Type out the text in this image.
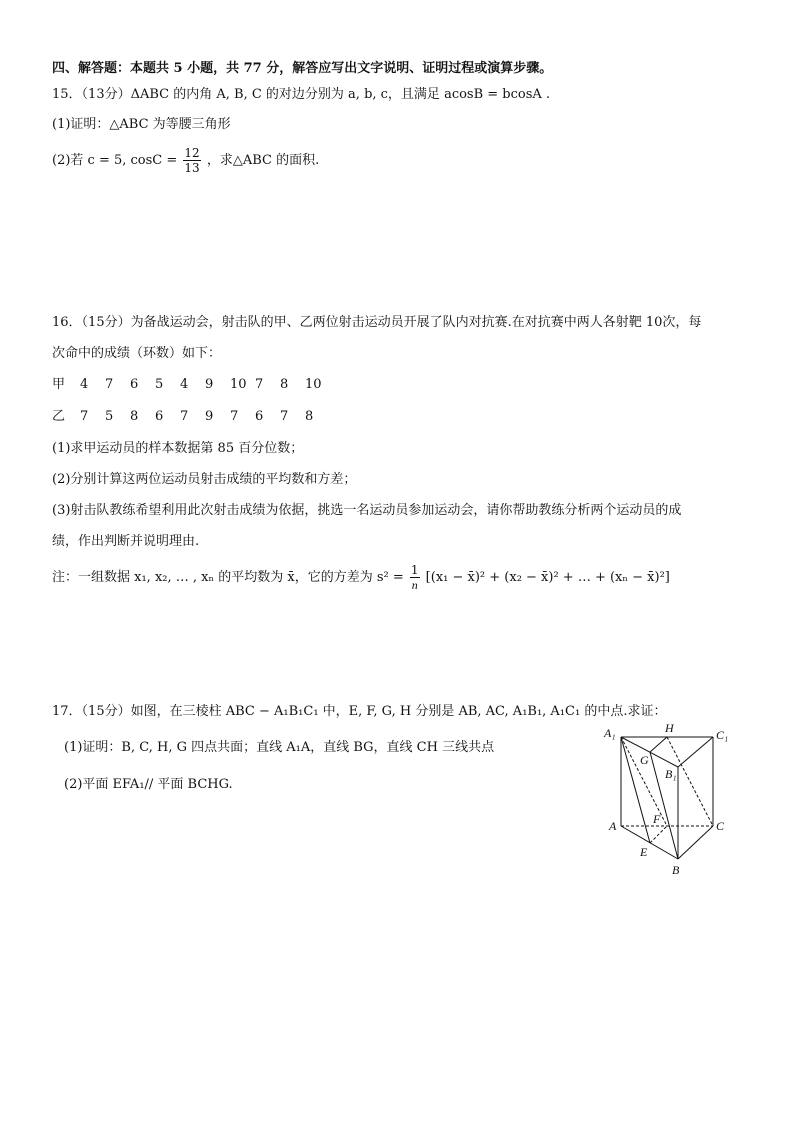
四、解答题：本题共 5 小题，共 77 分，解答应写出文字说明、证明过程或演算步骤。
15．（13分）ΔABC 的内角 A, B, C 的对边分别为 a, b, c，且满足 acosB = bcosA .
(1)证明：△ABC 为等腰三角形
(2)若 c = 5, $\cos C = \frac{12}{13}$ ，求△ABC 的面积.
16．（15分）为备战运动会，射击队的甲、乙两位射击运动员开展了队内对抗赛.在对抗赛中两人各射靶 10次，每
次命中的成绩（环数）如下：
甲 4 7 6 5 4 9 10 7 8 10
乙 7 5 8 6 7 9 7 6 7 8
(1)求甲运动员的样本数据第 85 百分位数；
(2)分别计算这两位运动员射击成绩的平均数和方差；
(3)射击队教练希望利用此次射击成绩为依据，挑选一名运动员参加运动会，请你帮助教练分析两个运动员的成
绩，作出判断并说明理由.
注：一组数据 x₁, x₂, … , xₙ 的平均数为 x̄，它的方差为 $s^2 = \frac{1}{n} [(x_1$ − x̄)² + (x₂ − x̄)² + … + (xₙ − x̄)²]
17．（15分）如图，在三棱柱 ABC − A₁B₁C₁ 中，E, F, G, H 分别是 AB, AC, A₁B₁, A₁C₁ 的中点.求证：
(1)证明：B, C, H, G 四点共面；直线 A₁A，直线 BG，直线 CH 三线共点
(2)平面 EFA₁// 平面 BCHG.
A₁	C₁
H
G
B₁
A	F	C
E
B
